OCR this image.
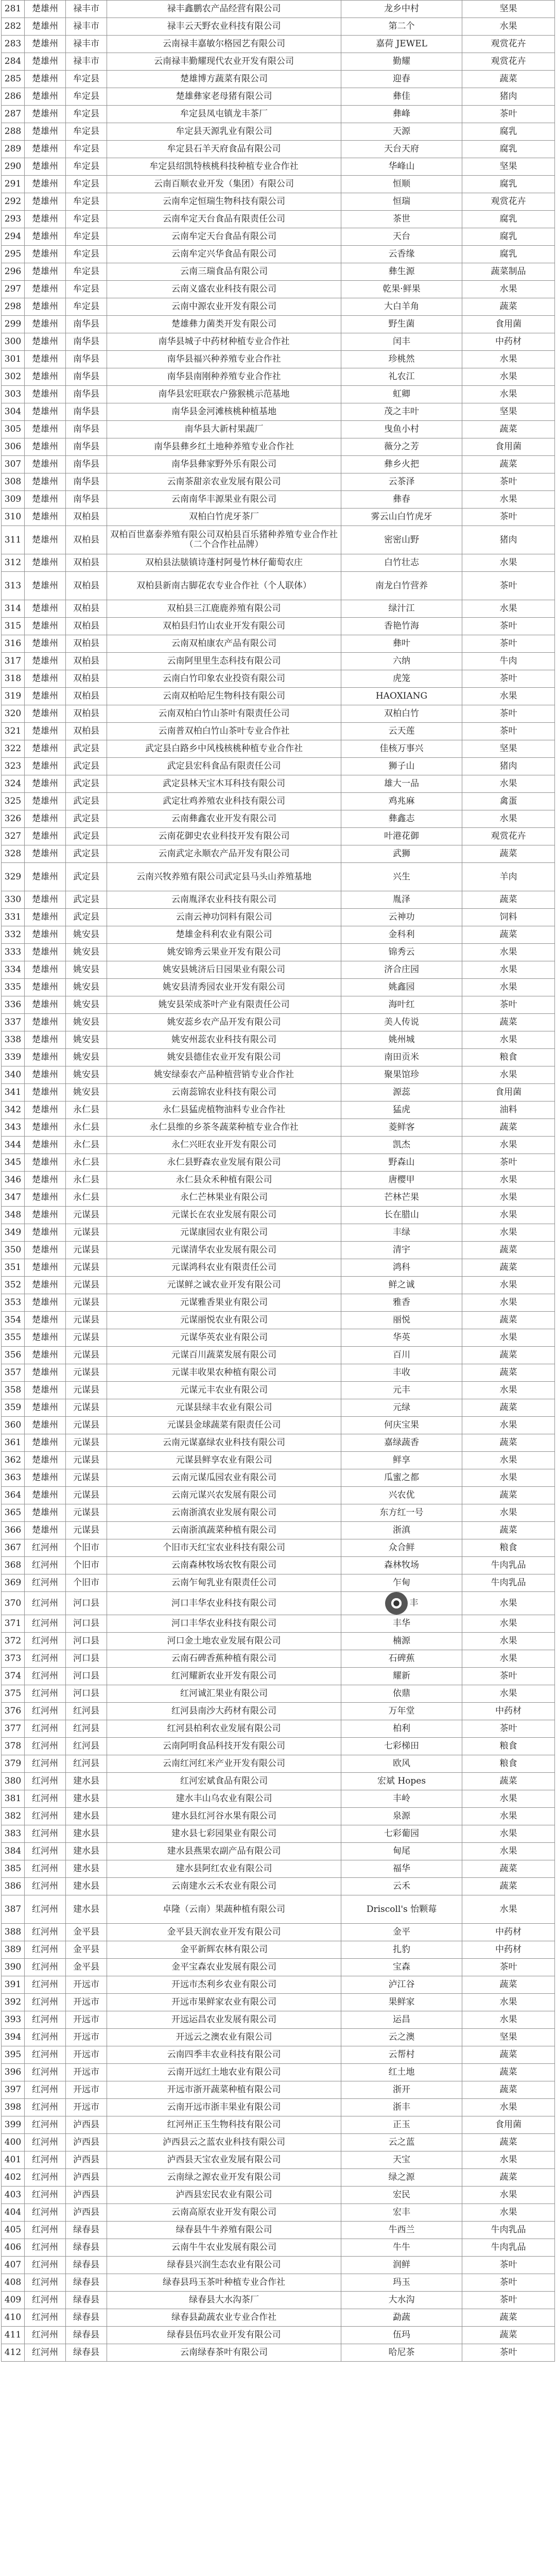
281	楚雄州	禄丰市	禄丰鑫鹏农产品经营有限公司	龙乡中村	坚果
282	楚雄州	禄丰市	禄丰云天野农业科技有限公司	第二个	水果
283	楚雄州	禄丰市	云南禄丰嘉敏尔格园艺有限公司	嘉荷 JEWEL	观赏花卉
284	楚雄州	禄丰市	云南禄丰勤耀现代农业开发有限公司	勤耀	观赏花卉
285	楚雄州	牟定县	楚雄博方蔬菜有限公司	迎春	蔬菜
286	楚雄州	牟定县	楚雄彝家老母猪有限公司	彝佳	猪肉
287	楚雄州	牟定县	牟定县凤屯镇龙丰茶厂	彝峰	茶叶
288	楚雄州	牟定县	牟定县天源乳业有限公司	天源	腐乳
289	楚雄州	牟定县	牟定县石羊天府食品有限公司	天台天府	腐乳
290	楚雄州	牟定县	牟定县绍凯特核桃科技种植专业合作社	华峰山	坚果
291	楚雄州	牟定县	云南百顺农业开发（集团）有限公司	恒顺	腐乳
292	楚雄州	牟定县	云南牟定恒瑞生物科技有限公司	恒瑞	观赏花卉
293	楚雄州	牟定县	云南牟定天台食品有限责任公司	茶世	腐乳
294	楚雄州	牟定县	云南牟定天台食品有限公司	天台	腐乳
295	楚雄州	牟定县	云南牟定兴华食品有限公司	云香缘	腐乳
296	楚雄州	牟定县	云南三瑞食品有限公司	彝生源	蔬菜制品
297	楚雄州	牟定县	云南义盛农业科技有限公司	乾果·鲜果	水果
298	楚雄州	牟定县	云南中源农业开发有限公司	大白羊角	蔬菜
299	楚雄州	南华县	楚雄彝力菌类开发有限公司	野生菌	食用菌
300	楚雄州	南华县	南华县城子中药材种植专业合作社	闰丰	中药材
301	楚雄州	南华县	南华县福兴种养殖专业合作社	珍桃然	水果
302	楚雄州	南华县	南华县南刚种养殖专业合作社	礼农江	水果
303	楚雄州	南华县	南华县宏旺联农户猕猴桃示范基地	虹卿	水果
304	楚雄州	南华县	南华县金河滩核桃种植基地	茂之丰叶	坚果
305	楚雄州	南华县	南华县大新村果蔬厂	曳鱼小村	蔬菜
306	楚雄州	南华县	南华县彝乡红土地种养殖专业合作社	薇分之芳	食用菌
307	楚雄州	南华县	南华县彝家野外乐有限公司	彝乡火把	蔬菜
308	楚雄州	南华县	云南茶甜亲农业发展有限公司	云茶泽	茶叶
309	楚雄州	南华县	云南南华丰源果业有限公司	彝春	水果
310	楚雄州	双柏县	双柏白竹虎牙茶厂	雾云山白竹虎牙	茶叶
311	楚雄州	双柏县	双柏百世嘉泰养殖有限公司双柏县百乐猪种养殖专业合作社（二个合作社品牌）	密密山野	猪肉
312	楚雄州	双柏县	双柏县法脿镇诗蓬村阿曼竹林仔葡萄农庄	白竹壮志	水果
313	楚雄州	双柏县	双柏县新南古脚花农专业合作社（个人联体）	南龙白竹营养	茶叶
314	楚雄州	双柏县	双柏县三江鹿鹿养殖有限公司	绿汁江	水果
315	楚雄州	双柏县	双柏县归竹山农业开发有限公司	香艳竹海	茶叶
316	楚雄州	双柏县	云南双柏康农产品有限公司	彝叶	茶叶
317	楚雄州	双柏县	云南阿里里生态科技有限公司	六纳	牛肉
318	楚雄州	双柏县	云南白竹印象农业投资有限公司	虎笼	茶叶
319	楚雄州	双柏县	云南双柏哈尼生物科技有限公司	HAOXIANG	水果
320	楚雄州	双柏县	云南双柏白竹山茶叶有限责任公司	双柏白竹	茶叶
321	楚雄州	双柏县	云南普双柏白竹山茶叶专业合作社	云天莲	茶叶
322	楚雄州	武定县	武定县白路乡中风栈核桃种植专业合作社	佳核万事兴	坚果
323	楚雄州	武定县	武定县宏科食品有限责任公司	狮子山	猪肉
324	楚雄州	武定县	武定县林天宝木耳科技有限公司	雄大一品	水果
325	楚雄州	武定县	武定壮鸡养殖农业科技有限公司	鸡兆麻	禽蛋
326	楚雄州	武定县	云南彝鑫农业开发有限公司	彝鑫志	水果
327	楚雄州	武定县	云南花御史农业科技开发有限公司	叶港花御	观赏花卉
328	楚雄州	武定县	云南武定永顺农产品开发有限公司	武狮	蔬菜
329	楚雄州	武定县	云南兴牧养殖有限公司武定县马头山养殖基地	兴生	羊肉
330	楚雄州	武定县	云南胤泽农业科技有限公司	胤泽	蔬菜
331	楚雄州	武定县	云南云神功饲料有限公司	云神功	饲料
332	楚雄州	姚安县	楚雄金科利农业有限公司	金科利	蔬菜
333	楚雄州	姚安县	姚安锦秀云果业开发有限公司	锦秀云	水果
334	楚雄州	姚安县	姚安县姚济后日园果业有限公司	济合庄园	水果
335	楚雄州	姚安县	姚安县清秀园农业开发有限公司	姚鑫园	水果
336	楚雄州	姚安县	姚安县荣成茶叶产业有限责任公司	海叶红	茶叶
337	楚雄州	姚安县	姚安蕊乡农产品开发有限公司	美人传说	蔬菜
338	楚雄州	姚安县	姚安州蕊农业科技有限公司	姚州城	水果
339	楚雄州	姚安县	姚安县德佳农业开发有限公司	南田贡米	粮食
340	楚雄州	姚安县	姚安绿泰农产品种植营销专业合作社	聚果馆珍	水果
341	楚雄州	姚安县	云南蕊锦农业科技有限公司	源蕊	食用菌
342	楚雄州	永仁县	永仁县猛虎植物油料专业合作社	猛虎	油料
343	楚雄州	永仁县	永仁县维的乡茶冬蔬菜种植专业合作社	菱鲜客	蔬菜
344	楚雄州	永仁县	永仁兴旺农业开发有限公司	凯杰	水果
345	楚雄州	永仁县	永仁县野森农业发展有限公司	野森山	茶叶
346	楚雄州	永仁县	永仁县众禾种植有限公司	唐樱甲	水果
347	楚雄州	永仁县	永仁芒林果业有限公司	芒林芒果	水果
348	楚雄州	元谋县	元谋长在农业发展有限公司	长在腊山	水果
349	楚雄州	元谋县	元谋康园农业有限公司	丰绿	水果
350	楚雄州	元谋县	元谋清华农业发展有限公司	清宇	蔬菜
351	楚雄州	元谋县	元谋鸿科农业有限责任公司	鸿科	蔬菜
352	楚雄州	元谋县	元谋鲜之诚农业开发有限公司	鲜之诚	水果
353	楚雄州	元谋县	元谋雅香果业有限公司	雅香	水果
354	楚雄州	元谋县	元谋丽悦农业有限公司	丽悦	蔬菜
355	楚雄州	元谋县	元谋华英农业有限公司	华英	水果
356	楚雄州	元谋县	元谋百川蔬菜发展有限公司	百川	蔬菜
357	楚雄州	元谋县	元谋丰收果农种植有限公司	丰收	蔬菜
358	楚雄州	元谋县	元谋元丰农业有限公司	元丰	水果
359	楚雄州	元谋县	元谋县绿丰农业有限公司	元绿	蔬菜
360	楚雄州	元谋县	元谋县金球蔬菜有限责任公司	何庆宝果	水果
361	楚雄州	元谋县	云南元谋嘉绿农业科技有限公司	嘉绿蔬香	蔬菜
362	楚雄州	元谋县	元谋县鲜享农业有限公司	鲜享	水果
363	楚雄州	元谋县	云南元谋瓜园农业有限公司	瓜蜜之都	水果
364	楚雄州	元谋县	云南元谋兴农发展有限公司	兴农优	蔬菜
365	楚雄州	元谋县	云南浙滇农业发展有限公司	东方红一号	水果
366	楚雄州	元谋县	云南浙滇蔬菜种植有限公司	浙滇	蔬菜
367	红河州	个旧市	个旧市天红宝农业科技有限公司	众合鲜	粮食
368	红河州	个旧市	云南森林牧场农牧有限公司	森林牧场	牛肉乳品
369	红河州	个旧市	云南乍甸乳业有限责任公司	乍甸	牛肉乳品
370	红河州	河口县	河口丰华农业科技有限公司	丰	水果
371	红河州	河口县	河口丰华农业科技有限公司	丰华	水果
372	红河州	河口县	河口金土地农业发展有限公司	楠源	水果
373	红河州	河口县	云南石碑香蕉种植有限公司	石碑蕉	水果
374	红河州	河口县	红河耀新农业开发有限公司	耀新	茶叶
375	红河州	河口县	红河诚汇果业有限公司	依鼎	水果
376	红河州	红河县	红河县南沙大药材有限公司	万年堂	中药材
377	红河州	红河县	红河县柏利农业发展有限公司	柏利	茶叶
378	红河州	红河县	云南阿明食品科技开发有限公司	七彩梯田	粮食
379	红河州	红河县	云南红河红米产业开发有限公司	欧风	粮食
380	红河州	建水县	红河宏斌食品有限公司	宏斌 Hopes	蔬菜
381	红河州	建水县	建水丰山乌农业有限公司	丰岭	水果
382	红河州	建水县	建水县红河谷水果有限公司	泉源	水果
383	红河州	建水县	建水县七彩园果业有限公司	七彩葡园	水果
384	红河州	建水县	建水县燕果农副产品有限公司	甸尾	水果
385	红河州	建水县	建水县阿红农业有限公司	福华	蔬菜
386	红河州	建水县	云南建水云禾农业有限公司	云禾	蔬菜
387	红河州	建水县	卓隆（云南）果蔬种植有限公司	Driscoll's 怡颗莓	水果
388	红河州	金平县	金平县天润农业开发有限公司	金平	中药材
389	红河州	金平县	金平新辉农林有限公司	扎豹	中药材
390	红河州	金平县	金平宝森农业发展有限公司	宝森	茶叶
391	红河州	开远市	开远市杰利乡农业有限公司	泸江谷	蔬菜
392	红河州	开远市	开远市果鲜家农业有限公司	果鲜家	水果
393	红河州	开远市	开远运昌农业发展有限公司	运昌	水果
394	红河州	开远市	开远云之澳农业有限公司	云之澳	坚果
395	红河州	开远市	云南四季丰农业科技有限公司	云帮村	蔬菜
396	红河州	开远市	云南开远红土地农业有限公司	红土地	蔬菜
397	红河州	开远市	开远市浙开蔬菜种植有限公司	浙开	蔬菜
398	红河州	开远市	云南开远市浙丰果业有限公司	浙丰	水果
399	红河州	泸西县	红河州正玉生物科技有限公司	正玉	食用菌
400	红河州	泸西县	泸西县云之蓝农业科技有限公司	云之蓝	蔬菜
401	红河州	泸西县	泸西县天宝农业发展有限公司	天宝	水果
402	红河州	泸西县	云南绿之源农业开发有限公司	绿之源	蔬菜
403	红河州	泸西县	泸西县宏民农业有限公司	宏民	水果
404	红河州	泸西县	云南高原农业开发有限公司	宏丰	水果
405	红河州	绿春县	绿春县牛牛养殖有限公司	牛西兰	牛肉乳品
406	红河州	绿春县	云南牛牛农业发展有限公司	牛牛	牛肉乳品
407	红河州	绿春县	绿春县兴润生态农业有限公司	润鲜	茶叶
408	红河州	绿春县	绿春县玛玉茶叶种植专业合作社	玛玉	茶叶
409	红河州	绿春县	绿春县大水沟茶厂	大水沟	茶叶
410	红河州	绿春县	绿春县勐蔬农业专业合作社	勐蔬	蔬菜
411	红河州	绿春县	绿春县伍玛农业开发有限公司	伍玛	蔬菜
412	红河州	绿春县	云南绿春茶叶有限公司	哈尼茶	茶叶
